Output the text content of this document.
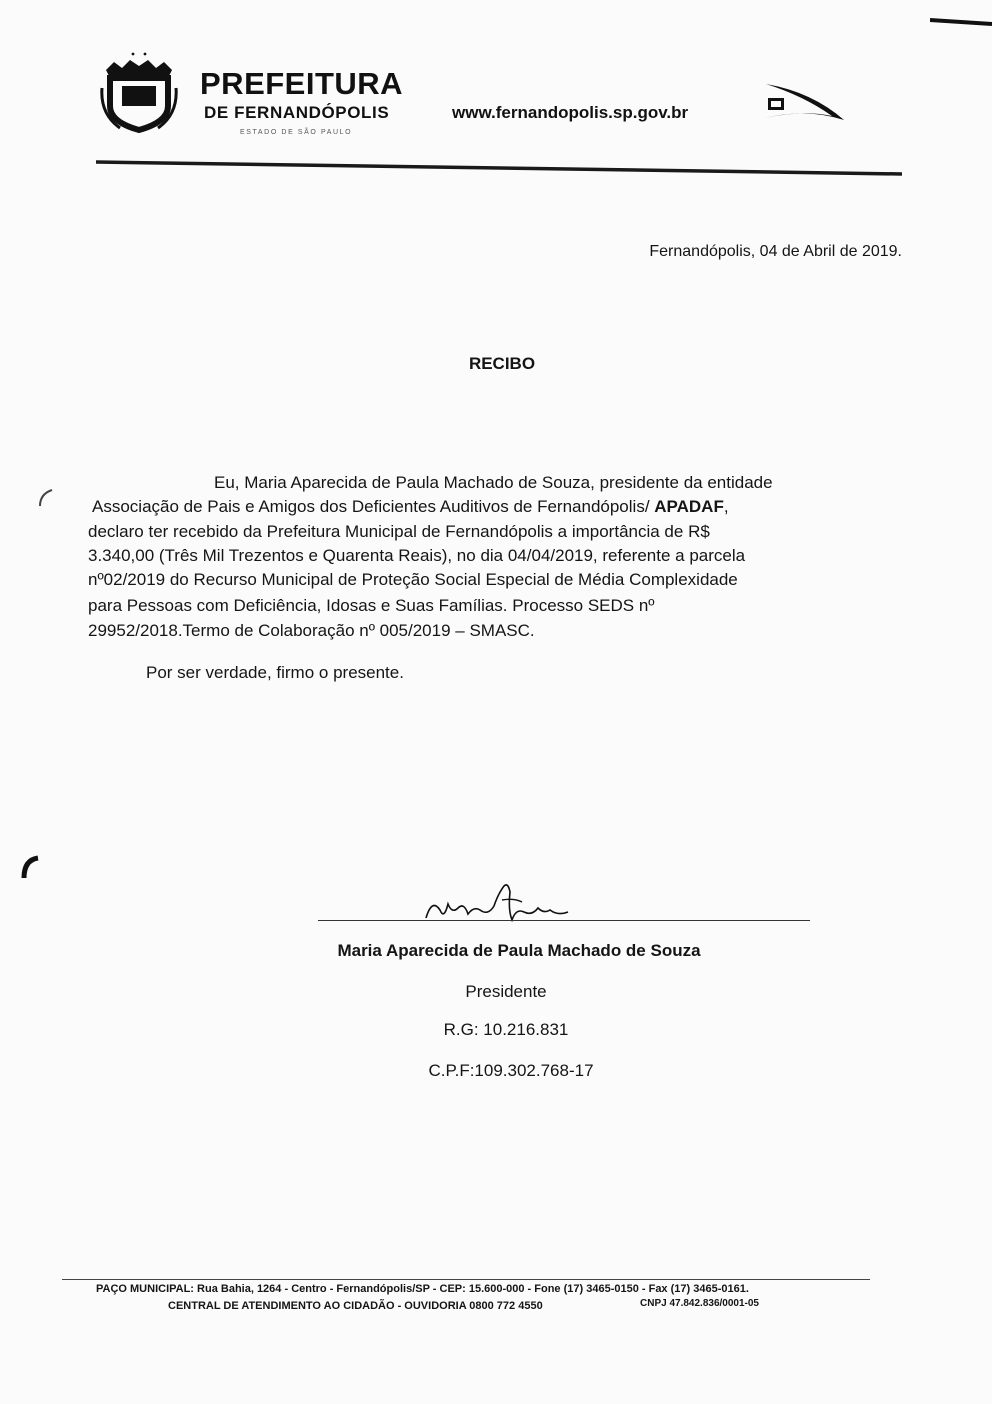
PREFEITURA
DE FERNANDÓPOLIS
ESTADO DE SÃO PAULO
www.fernandopolis.sp.gov.br
Fernandópolis, 04 de Abril de 2019.
RECIBO
Eu, Maria Aparecida de Paula Machado de Souza, presidente da entidade
Associação de Pais e Amigos dos Deficientes Auditivos de Fernandópolis/ APADAF,
declaro ter recebido da Prefeitura Municipal de Fernandópolis a importância de R$
3.340,00 (Três Mil Trezentos e Quarenta Reais), no dia 04/04/2019, referente a parcela
nº02/2019 do Recurso Municipal de Proteção Social Especial de Média Complexidade
para Pessoas com Deficiência, Idosas e Suas Famílias. Processo SEDS nº
29952/2018.Termo de Colaboração nº 005/2019 – SMASC.
Por ser verdade, firmo o presente.
Maria Aparecida de Paula Machado de Souza
Presidente
R.G: 10.216.831
C.P.F:109.302.768-17
PAÇO MUNICIPAL: Rua Bahia, 1264 - Centro - Fernandópolis/SP - CEP: 15.600-000 - Fone (17) 3465-0150 - Fax (17) 3465-0161.
CENTRAL DE ATENDIMENTO AO CIDADÃO - OUVIDORIA 0800 772 4550	CNPJ 47.842.836/0001-05
